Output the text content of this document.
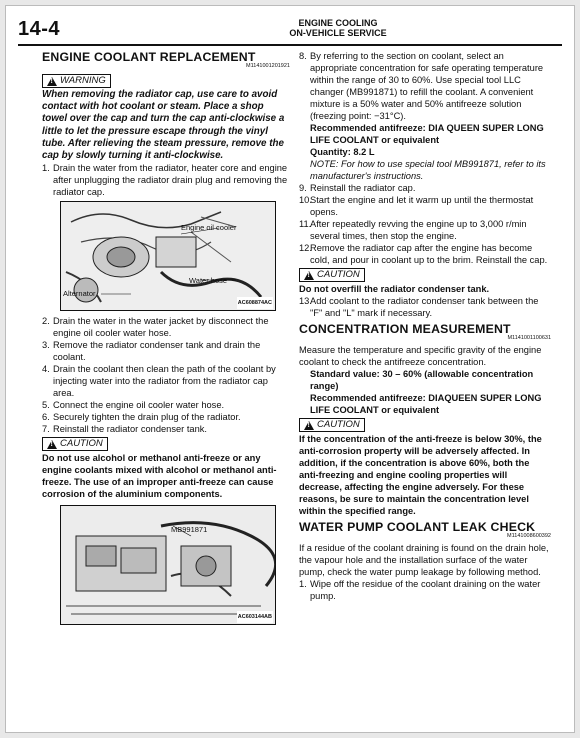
14-4	ENGINE COOLING
ON-VEHICLE SERVICE
ENGINE COOLANT REPLACEMENT
M1141001201921
!
WARNING
When removing the radiator cap, use care to avoid contact with hot coolant or steam. Place a shop towel over the cap and turn the cap anti-clockwise a little to let the pressure escape through the vinyl tube. After relieving the steam pressure, remove the cap by slowly turning it anti-clockwise.
1. Drain the water from the radiator, heater core and engine after unplugging the radiator drain plug and removing the radiator cap.
Engine oil cooler
Water hose
Alternator
AC608874AC
2. Drain the water in the water jacket by disconnect the engine oil cooler water hose.
3. Remove the radiator condenser tank and drain the coolant.
4. Drain the coolant then clean the path of the coolant by injecting water into the radiator from the radiator cap area.
5. Connect the engine oil cooler water hose.
6. Securely tighten the drain plug of the radiator.
7. Reinstall the radiator condenser tank.
!
CAUTION
Do not use alcohol or methanol anti-freeze or any engine coolants mixed with alcohol or methanol anti-freeze. The use of an improper anti-freeze can cause corrosion of the aluminium components.
MB991871
AC603144AB
8. By referring to the section on coolant, select an appropriate concentration for safe operating temperature within the range of 30 to 60%. Use special tool LLC changer (MB991871) to refill the coolant. A convenient mixture is a 50% water and 50% antifreeze solution (freezing point: −31°C).
Recommended antifreeze: DIA QUEEN SUPER LONG LIFE COOLANT or equivalent
Quantity: 8.2 L
NOTE: For how to use special tool MB991871, refer to its manufacturer's instructions.
9. Reinstall the radiator cap.
10.
Start the engine and let it warm up until the thermostat opens.
11.
After repeatedly revving the engine up to 3,000 r/min several times, then stop the engine.
12.
Remove the radiator cap after the engine has become cold, and pour in coolant up to the brim. Reinstall the cap.
!
CAUTION
Do not overfill the radiator condenser tank.
13.
Add coolant to the radiator condenser tank between the "F" and "L" mark if necessary.
CONCENTRATION MEASUREMENT
M1141001100631
Measure the temperature and specific gravity of the engine coolant to check the antifreeze concentration.
Standard value: 30 – 60% (allowable concentration range)
Recommended antifreeze: DIAQUEEN SUPER LONG LIFE COOLANT or equivalent
!
CAUTION
If the concentration of the anti-freeze is below 30%, the anti-corrosion property will be adversely affected. In addition, if the concentration is above 60%, both the anti-freezing and engine cooling properties will decrease, affecting the engine adversely. For these reasons, be sure to maintain the concentration level within the specified range.
WATER PUMP COOLANT LEAK CHECK
M1141008600392
If a residue of the coolant draining is found on the drain hole, the vapour hole and the installation surface of the water pump, check the water pump leakage by following method.
1. Wipe off the residue of the coolant draining on the water pump.
